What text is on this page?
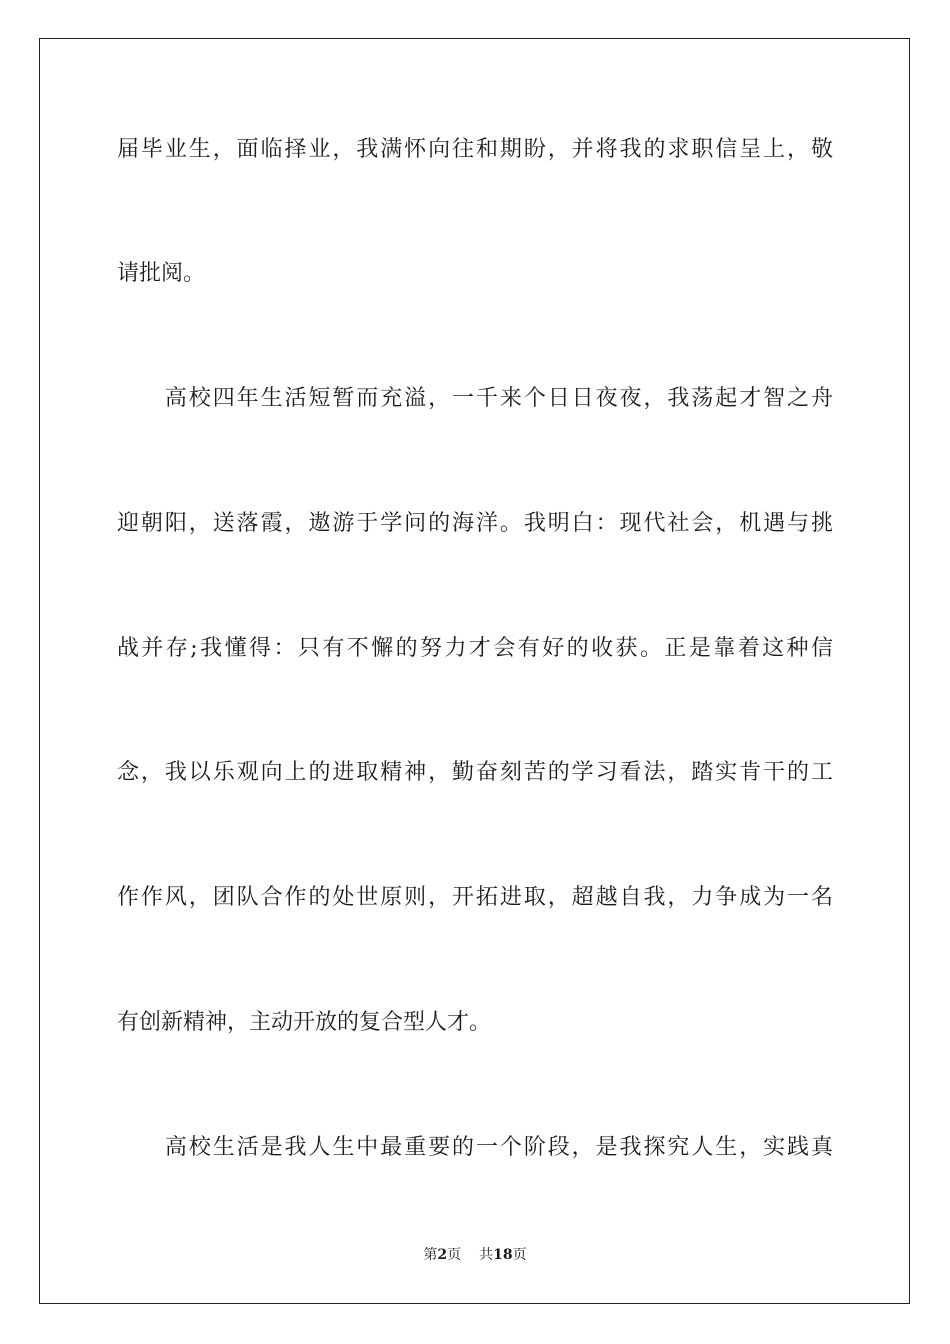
届毕业生，面临择业，我满怀向往和期盼，并将我的求职信呈上，敬
请批阅。
　　高校四年生活短暂而充溢，一千来个日日夜夜，我荡起才智之舟
迎朝阳，送落霞，遨游于学问的海洋。我明白：现代社会，机遇与挑
战并存;我懂得：只有不懈的努力才会有好的收获。正是靠着这种信
念，我以乐观向上的进取精神，勤奋刻苦的学习看法，踏实肯干的工
作作风，团队合作的处世原则，开拓进取，超越自我，力争成为一名
有创新精神，主动开放的复合型人才。
　　高校生活是我人生中最重要的一个阶段，是我探究人生，实践真
第2页 共18页
